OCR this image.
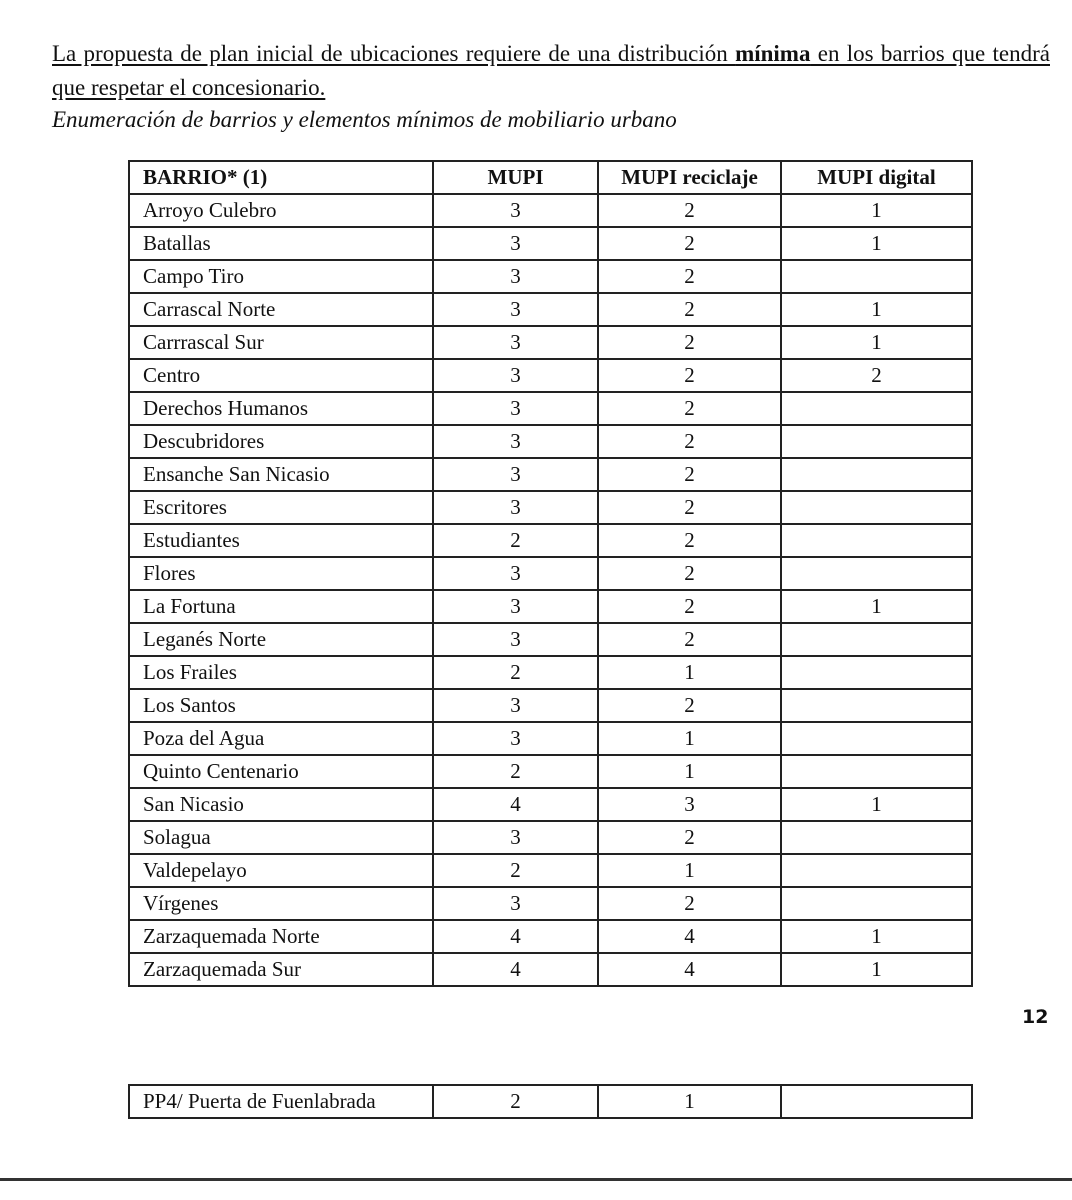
La propuesta de plan inicial de ubicaciones requiere de una distribución mínima en los barrios que tendrá que respetar el concesionario.

Enumeración de barrios y elementos mínimos de mobiliario urbano
BARRIO* (1)	MUPI	MUPI reciclaje	MUPI digital
Arroyo Culebro	3	2	1
Batallas	3	2	1
Campo Tiro	3	2	
Carrascal Norte	3	2	1
Carrrascal Sur	3	2	1
Centro	3	2	2
Derechos Humanos	3	2	
Descubridores	3	2	
Ensanche San Nicasio	3	2	
Escritores	3	2	
Estudiantes	2	2	
Flores	3	2	
La Fortuna	3	2	1
Leganés Norte	3	2	
Los Frailes	2	1	
Los Santos	3	2	
Poza del Agua	3	1	
Quinto Centenario	2	1	
San Nicasio	4	3	1
Solagua	3	2	
Valdepelayo	2	1	
Vírgenes	3	2	
Zarzaquemada Norte	4	4	1
Zarzaquemada Sur	4	4	1
12
PP4/ Puerta de Fuenlabrada	2	1	
